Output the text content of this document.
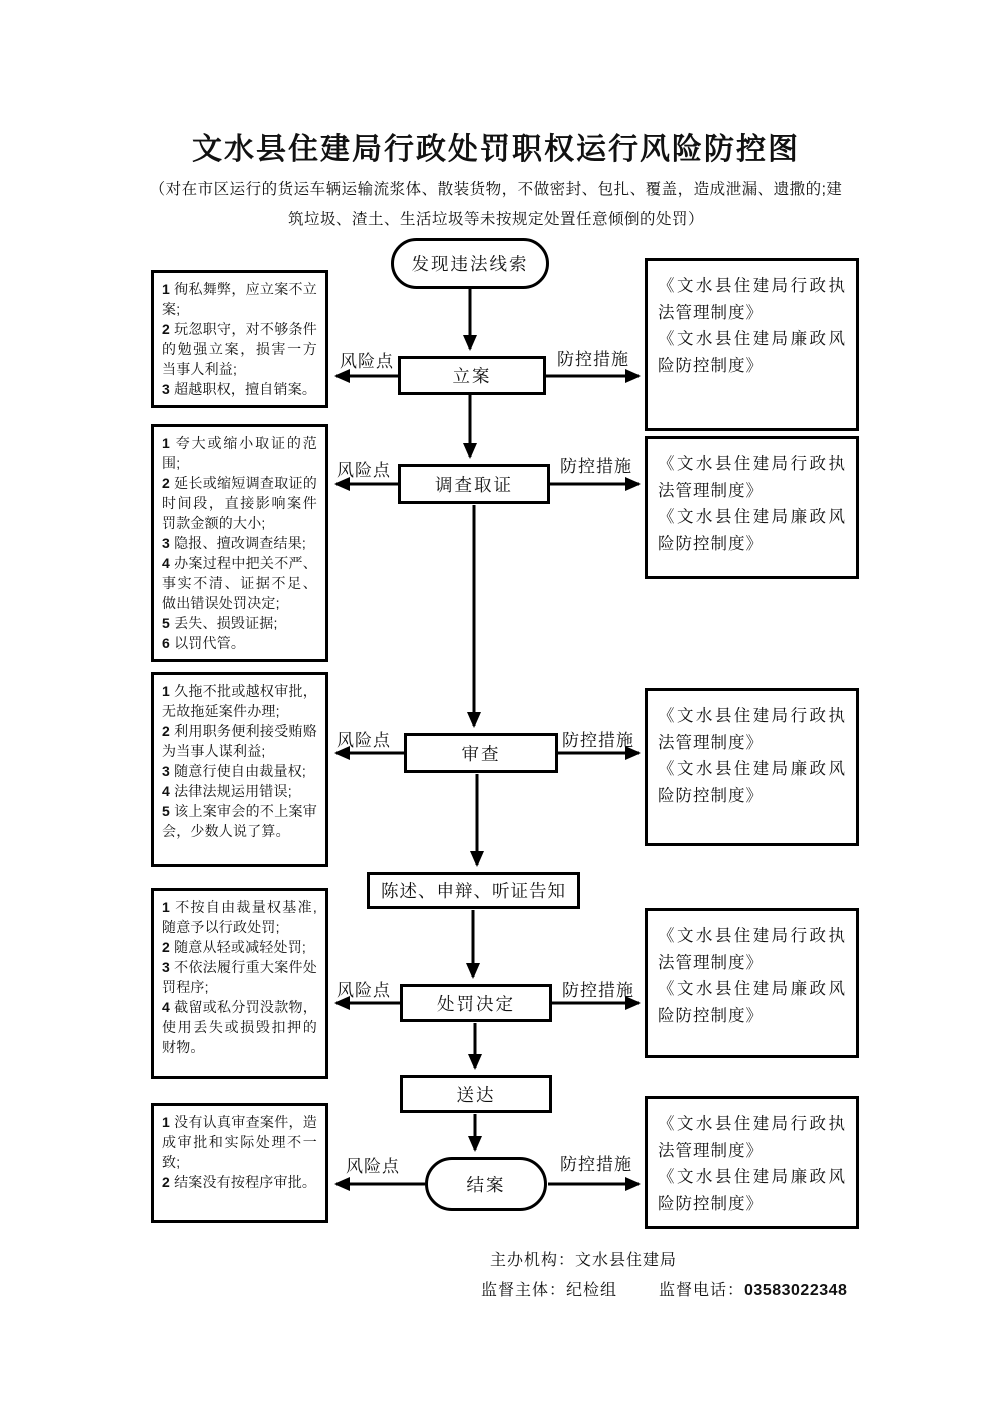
文水县住建局行政处罚职权运行风险防控图
（对在市区运行的货运车辆运输流浆体、散装货物，不做密封、包扎、覆盖，造成泄漏、遗撒的;建筑垃圾、渣土、生活垃圾等未按规定处置任意倾倒的处罚）
发现违法线索
立案
调查取证
审查
陈述、申辩、听证告知
处罚决定
送达
结案
1 徇私舞弊，应立案不立案;
2 玩忽职守，对不够条件的勉强立案，损害一方当事人利益;
3 超越职权，擅自销案。
1 夸大或缩小取证的范围;
2 延长或缩短调查取证的时间段，直接影响案件罚款金额的大小;
3 隐报、擅改调查结果;
4 办案过程中把关不严、事实不清、证据不足、做出错误处罚决定;
5 丢失、损毁证据;
6 以罚代管。
1 久拖不批或越权审批，无故拖延案件办理;
2 利用职务便利接受贿赂为当事人谋利益;
3 随意行使自由裁量权;
4 法律法规运用错误;
5 该上案审会的不上案审会，少数人说了算。
1 不按自由裁量权基准,随意予以行政处罚;
2 随意从轻或减轻处罚;
3 不依法履行重大案件处罚程序;
4 截留或私分罚没款物，使用丢失或损毁扣押的财物。
1 没有认真审查案件，造成审批和实际处理不一致;
2 结案没有按程序审批。
《文水县住建局行政执法管理制度》
《文水县住建局廉政风险防控制度》
《文水县住建局行政执法管理制度》
《文水县住建局廉政风险防控制度》
《文水县住建局行政执法管理制度》
《文水县住建局廉政风险防控制度》
《文水县住建局行政执法管理制度》
《文水县住建局廉政风险防控制度》
《文水县住建局行政执法管理制度》
《文水县住建局廉政风险防控制度》
风险点	防控措施
风险点	防控措施
风险点	防控措施
风险点	防控措施
风险点	防控措施
主办机构：文水县住建局
监督主体：纪检组	监督电话：03583022348
